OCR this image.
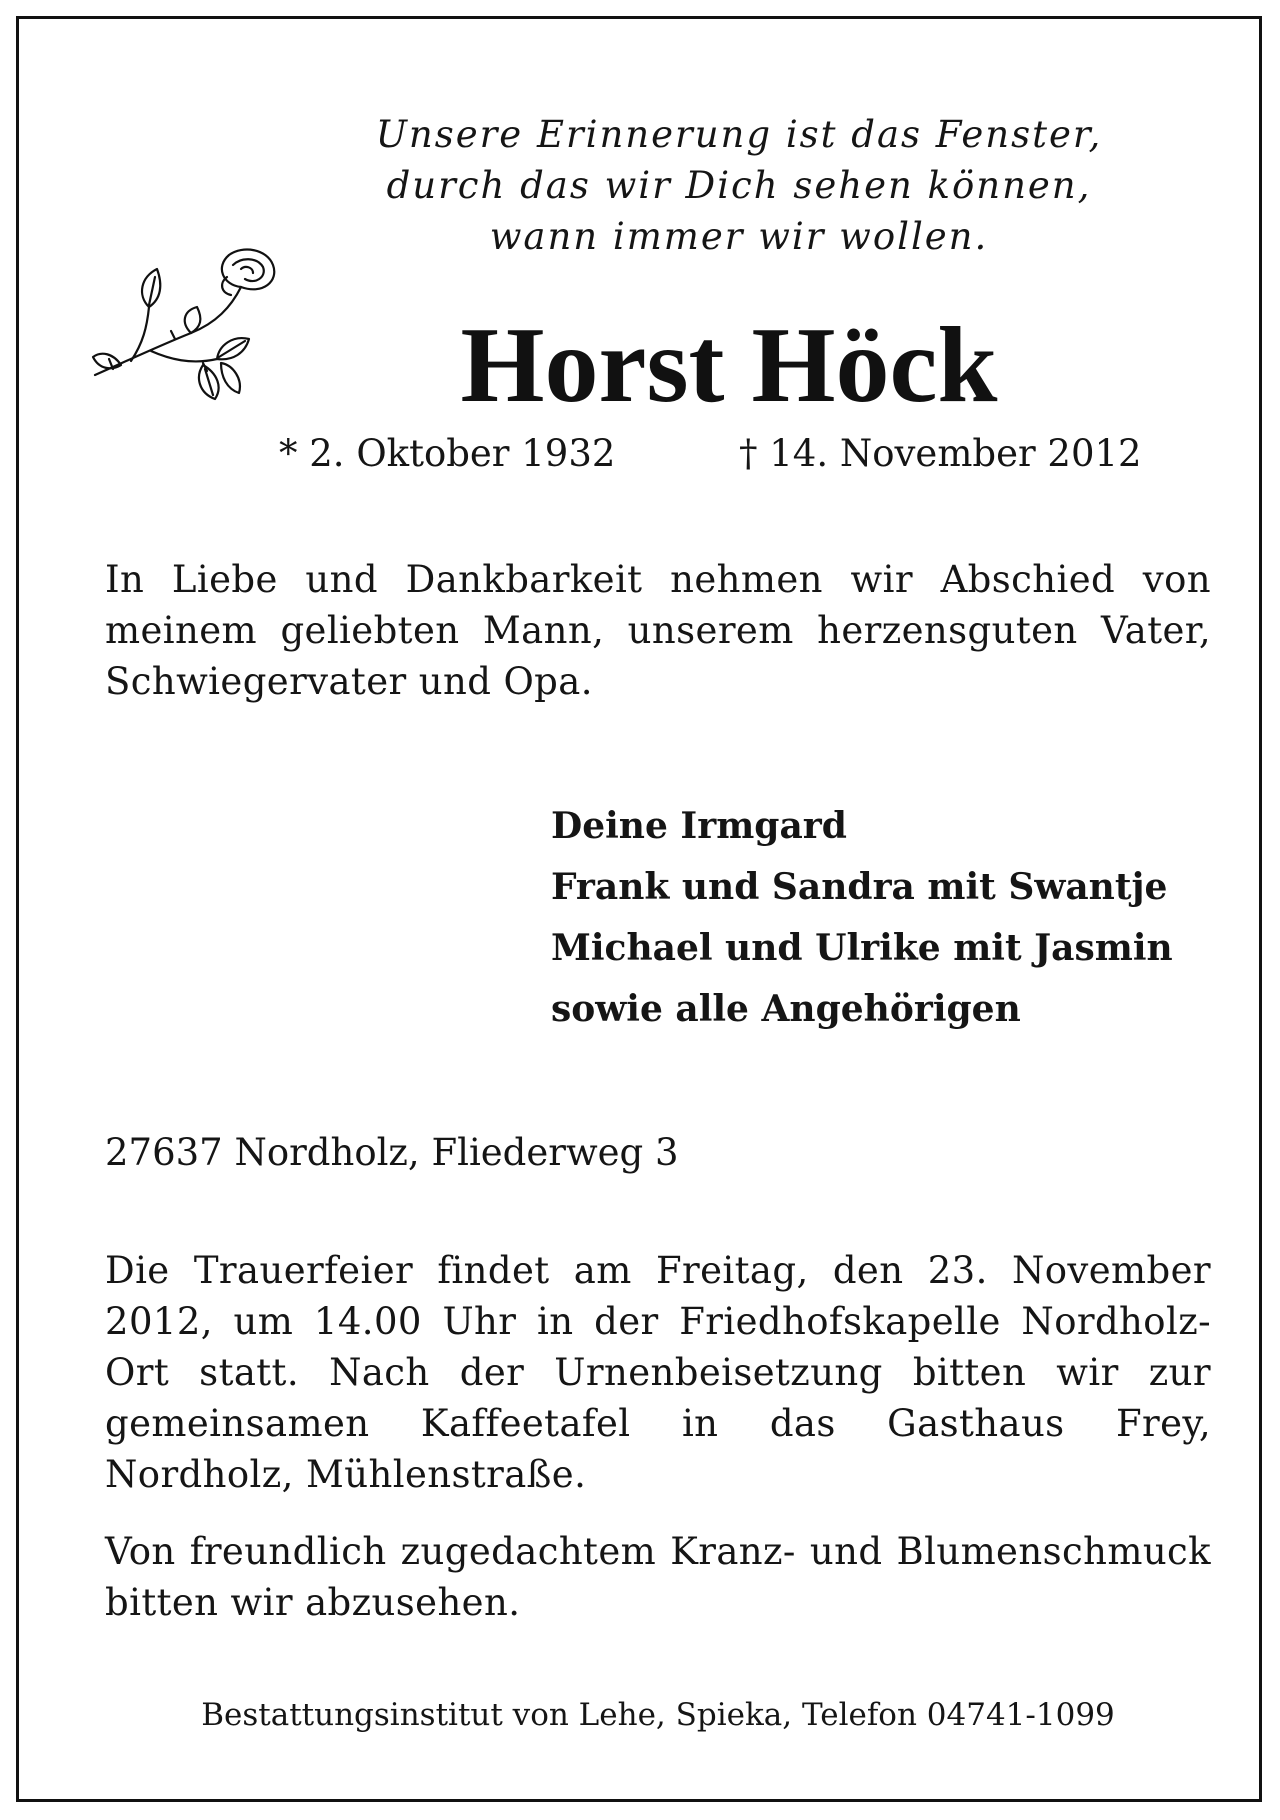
Unsere Erinnerung ist das Fenster,
durch das wir Dich sehen können,
wann immer wir wollen.
Horst Höck
* 2. Oktober 1932	† 14. November 2012
In Liebe und Dankbarkeit nehmen wir Abschied von meinem geliebten Mann, unserem herzensguten Vater, Schwiegervater und Opa.
Deine Irmgard
Frank und Sandra mit Swantje
Michael und Ulrike mit Jasmin
sowie alle Angehörigen
27637 Nordholz, Fliederweg 3
Die Trauerfeier findet am Freitag, den 23. November 2012, um 14.00 Uhr in der Friedhofskapelle Nordholz-Ort statt. Nach der Urnenbeisetzung bitten wir zur gemeinsamen Kaffeetafel in das Gasthaus Frey, Nordholz, Mühlenstraße.
Von freundlich zugedachtem Kranz- und Blumenschmuck bitten wir abzusehen.
Bestattungsinstitut von Lehe, Spieka, Telefon 04741-1099
